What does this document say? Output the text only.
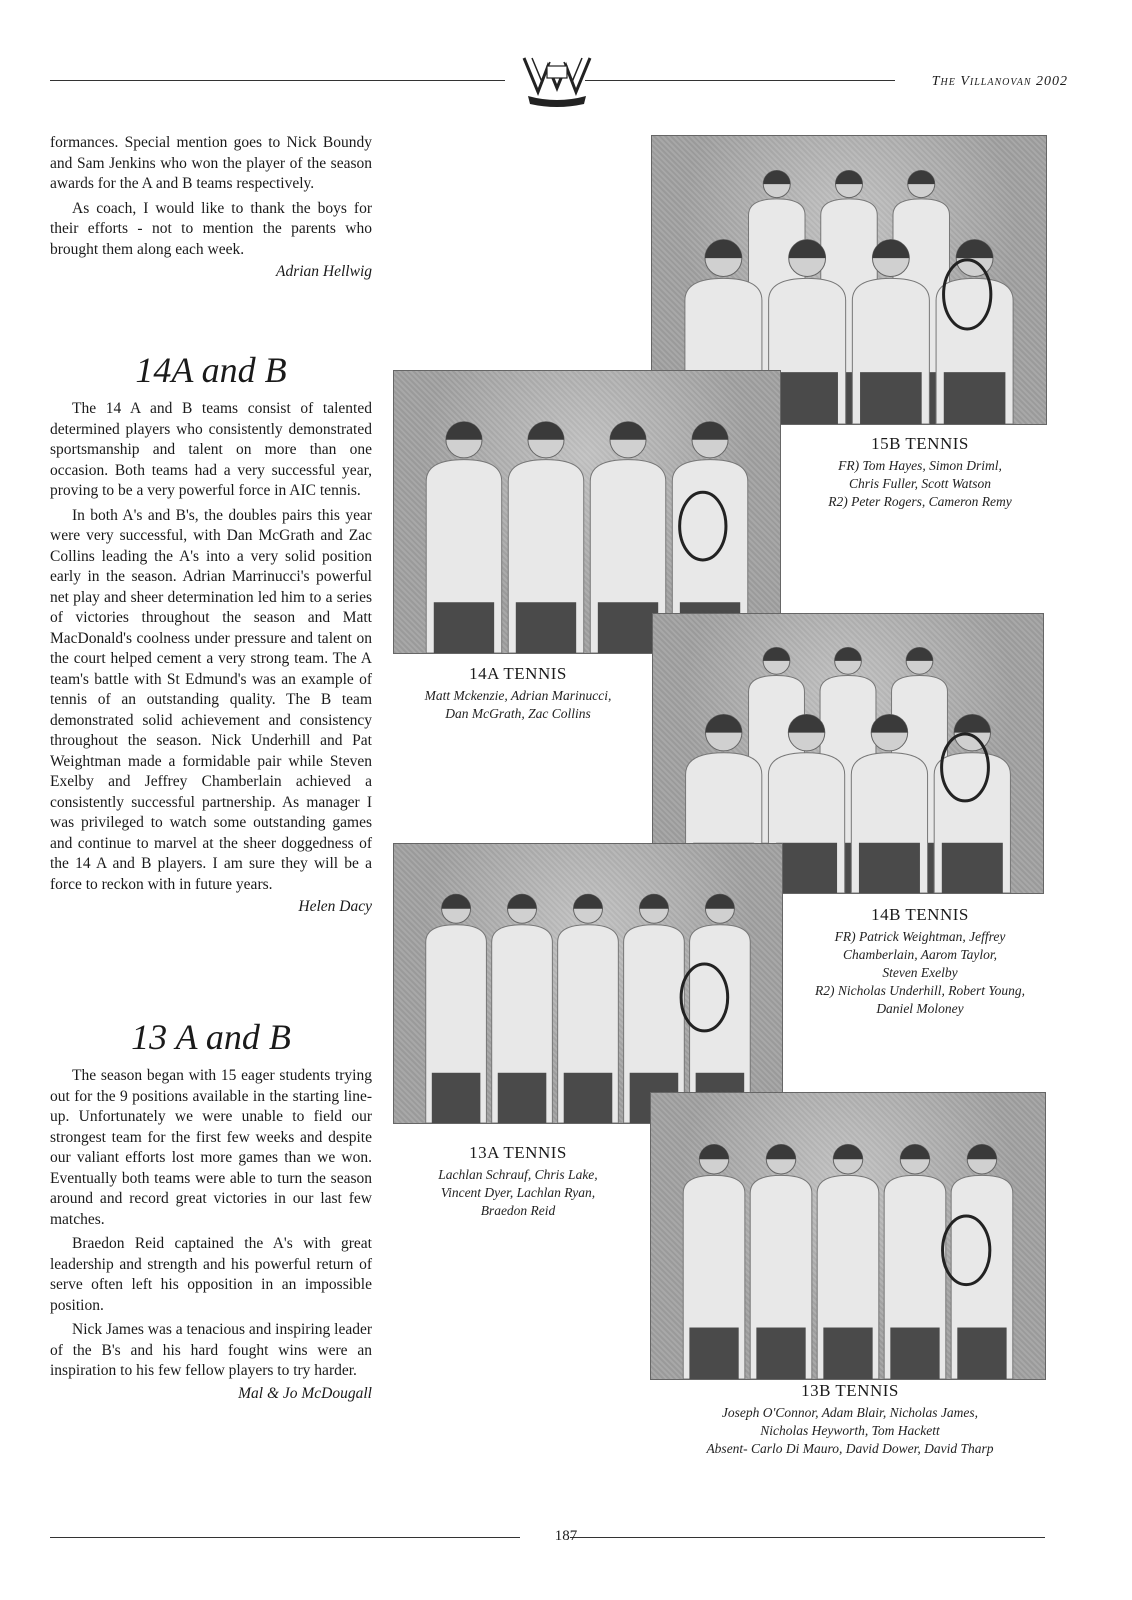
The Villanovan 2002

formances. Special mention goes to Nick Boundy and Sam Jenkins who won the player of the season awards for the A and B teams respectively.

As coach, I would like to thank the boys for their efforts - not to mention the parents who brought them along each week.

Adrian Hellwig
14A and B

The 14 A and B teams consist of talented determined players who consistently demonstrated sportsmanship and talent on more than one occasion. Both teams had a very successful year, proving to be a very powerful force in AIC tennis.

In both A's and B's, the doubles pairs this year were very successful, with Dan McGrath and Zac Collins leading the A's into a very solid position early in the season. Adrian Marrinucci's powerful net play and sheer determination led him to a series of victories throughout the season and Matt MacDonald's coolness under pressure and talent on the court helped cement a very strong team. The A team's battle with St Edmund's was an example of tennis of an outstanding quality. The B team demonstrated solid achievement and consistency throughout the season. Nick Underhill and Pat Weightman made a formidable pair while Steven Exelby and Jeffrey Chamberlain achieved a consistently successful partnership. As manager I was privileged to watch some outstanding games and continue to marvel at the sheer doggedness of the 14 A and B players. I am sure they will be a force to reckon with in future years.

Helen Dacy
13 A and B

The season began with 15 eager students trying out for the 9 positions available in the starting line-up. Unfortunately we were unable to field our strongest team for the first few weeks and despite our valiant efforts lost more games than we won. Eventually both teams were able to turn the season around and record great victories in our last few matches.

Braedon Reid captained the A's with great leadership and strength and his powerful return of serve often left his opposition in an impossible position.

Nick James was a tenacious and inspiring leader of the B's and his hard fought wins were an inspiration to his few fellow players to try harder.

Mal & Jo McDougall
15B TENNIS
FR) Tom Hayes, Simon Driml,
Chris Fuller, Scott Watson
R2) Peter Rogers, Cameron Remy
14A TENNIS
Matt Mckenzie, Adrian Marinucci,
Dan McGrath, Zac Collins
14B TENNIS
FR) Patrick Weightman, Jeffrey
Chamberlain, Aarom Taylor,
Steven Exelby
R2) Nicholas Underhill, Robert Young,
Daniel Moloney
13A TENNIS
Lachlan Schrauf, Chris Lake,
Vincent Dyer, Lachlan Ryan,
Braedon Reid
13B TENNIS
Joseph O'Connor, Adam Blair, Nicholas James,
Nicholas Heyworth, Tom Hackett
Absent- Carlo Di Mauro, David Dower, David Tharp
187
